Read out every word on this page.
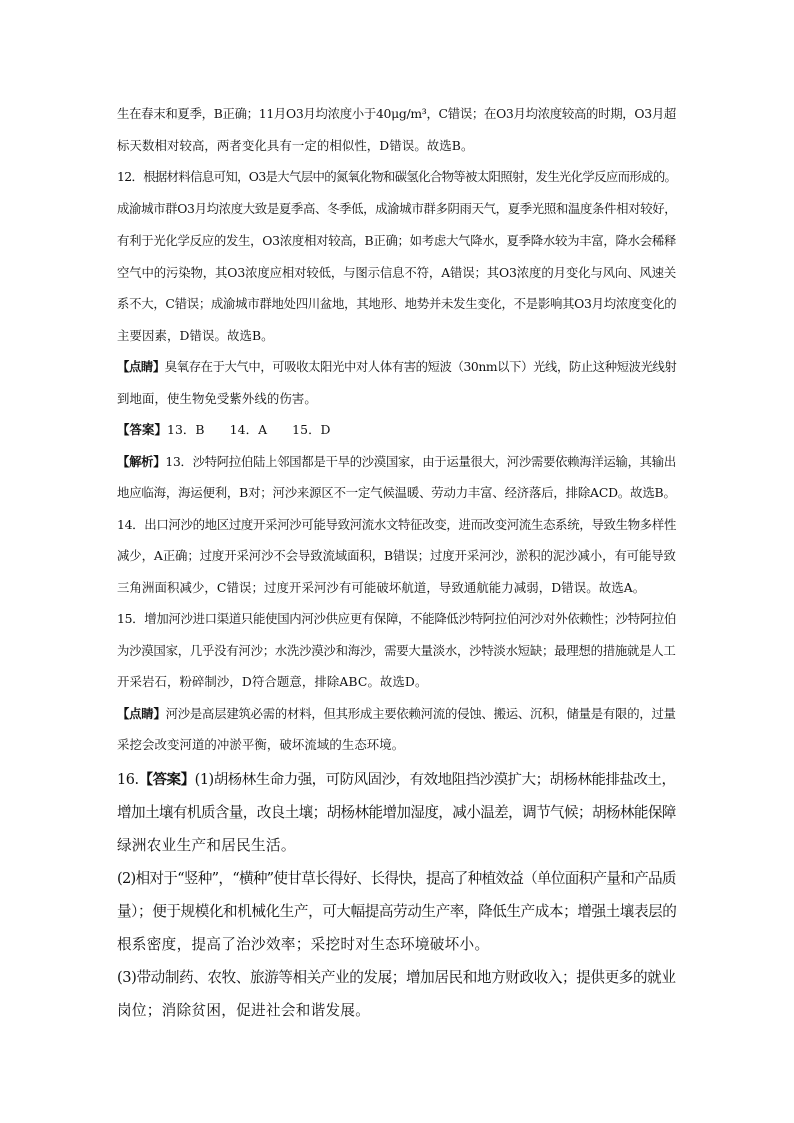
生在春末和夏季，B正确；11月O3月均浓度小于40μg/m³，C错误；在O3月均浓度较高的时期，O3月超
标天数相对较高，两者变化具有一定的相似性，D错误。故选B。
12．根据材料信息可知，O3是大气层中的氮氧化物和碳氢化合物等被太阳照射，发生光化学反应而形成的。
成渝城市群O3月均浓度大致是夏季高、冬季低，成渝城市群多阴雨天气，夏季光照和温度条件相对较好，
有利于光化学反应的发生，O3浓度相对较高，B正确；如考虑大气降水，夏季降水较为丰富，降水会稀释
空气中的污染物，其O3浓度应相对较低，与图示信息不符，A错误；其O3浓度的月变化与风向、风速关
系不大，C错误；成渝城市群地处四川盆地，其地形、地势并未发生变化，不是影响其O3月均浓度变化的
主要因素，D错误。故选B。
【点睛】臭氧存在于大气中，可吸收太阳光中对人体有害的短波（30nm以下）光线，防止这种短波光线射
到地面，使生物免受紫外线的伤害。
【答案】13．B　　14．A　　15．D
【解析】13．沙特阿拉伯陆上邻国都是干旱的沙漠国家，由于运量很大，河沙需要依赖海洋运输，其输出
地应临海，海运便利，B对；河沙来源区不一定气候温暖、劳动力丰富、经济落后，排除ACD。故选B。
14．出口河沙的地区过度开采河沙可能导致河流水文特征改变，进而改变河流生态系统，导致生物多样性
减少，A正确；过度开采河沙不会导致流域面积，B错误；过度开采河沙，淤积的泥沙减小，有可能导致
三角洲面积减少，C错误；过度开采河沙有可能破坏航道，导致通航能力减弱，D错误。故选A。
15．增加河沙进口渠道只能使国内河沙供应更有保障，不能降低沙特阿拉伯河沙对外依赖性；沙特阿拉伯
为沙漠国家，几乎没有河沙；水洗沙漠沙和海沙，需要大量淡水，沙特淡水短缺；最理想的措施就是人工
开采岩石，粉碎制沙，D符合题意，排除ABC。故选D。
【点睛】河沙是高层建筑必需的材料，但其形成主要依赖河流的侵蚀、搬运、沉积，储量是有限的，过量
采挖会改变河道的冲淤平衡，破坏流域的生态环境。
16.【答案】(1)胡杨林生命力强，可防风固沙，有效地阻挡沙漠扩大；胡杨林能排盐改土，
增加土壤有机质含量，改良土壤；胡杨林能增加湿度，减小温差，调节气候；胡杨林能保障
绿洲农业生产和居民生活。
(2)相对于“竖种”，“横种”使甘草长得好、长得快，提高了种植效益（单位面积产量和产品质
量）；便于规模化和机械化生产，可大幅提高劳动生产率，降低生产成本；增强土壤表层的
根系密度，提高了治沙效率；采挖时对生态环境破坏小。
(3)带动制药、农牧、旅游等相关产业的发展；增加居民和地方财政收入；提供更多的就业
岗位；消除贫困，促进社会和谐发展。
